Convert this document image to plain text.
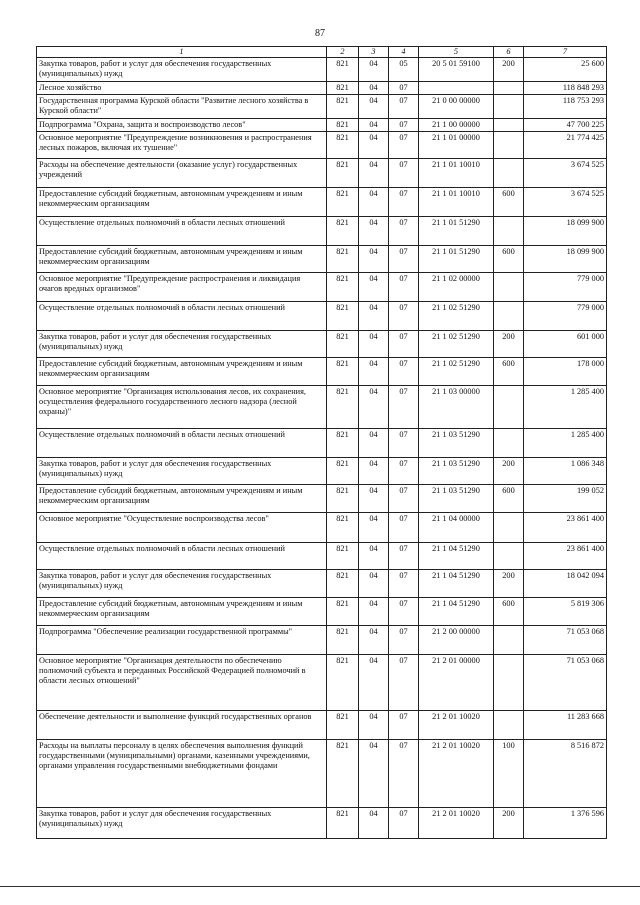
87
1	2	3	4	5	6	7
Закупка товаров, работ и услуг для обеспечения государственных (муниципальных) нужд	821	04	05	20 5 01 59100	200	25 600
Лесное хозяйство	821	04	07			118 848 293
Государственная программа Курской области "Развитие лесного хозяйства в Курской области"	821	04	07	21 0 00 00000		118 753 293
Подпрограмма "Охрана, защита и воспроизводство лесов"	821	04	07	21 1 00 00000		47 700 225
Основное мероприятие "Предупреждение возникновения и распространения лесных пожаров, включая их тушение"	821	04	07	21 1 01 00000		21 774 425
Расходы на обеспечение деятельности (оказание услуг) государственных учреждений	821	04	07	21 1 01 10010		3 674 525
Предоставление субсидий бюджетным, автономным учреждениям и иным некоммерческим организациям	821	04	07	21 1 01 10010	600	3 674 525
Осуществление отдельных полномочий в области лесных отношений	821	04	07	21 1 01 51290		18 099 900
Предоставление субсидий бюджетным, автономным учреждениям и иным некоммерческим организациям	821	04	07	21 1 01 51290	600	18 099 900
Основное мероприятие "Предупреждение распространения и ликвидация очагов вредных организмов"	821	04	07	21 1 02 00000		779 000
Осуществление отдельных полномочий в области лесных отношений	821	04	07	21 1 02 51290		779 000
Закупка товаров, работ и услуг для обеспечения государственных (муниципальных) нужд	821	04	07	21 1 02 51290	200	601 000
Предоставление субсидий бюджетным, автономным учреждениям и иным некоммерческим организациям	821	04	07	21 1 02 51290	600	178 000
Основное мероприятие "Организация использования лесов, их сохранения, осуществления федерального государственного лесного надзора (лесной охраны)"	821	04	07	21 1 03 00000		1 285 400
Осуществление отдельных полномочий в области лесных отношений	821	04	07	21 1 03 51290		1 285 400
Закупка товаров, работ и услуг для обеспечения государственных (муниципальных) нужд	821	04	07	21 1 03 51290	200	1 086 348
Предоставление субсидий бюджетным, автономным учреждениям и иным некоммерческим организациям	821	04	07	21 1 03 51290	600	199 052
Основное мероприятие "Осуществление воспроизводства лесов"	821	04	07	21 1 04 00000		23 861 400
Осуществление отдельных полномочий в области лесных отношений	821	04	07	21 1 04 51290		23 861 400
Закупка товаров, работ и услуг для обеспечения государственных (муниципальных) нужд	821	04	07	21 1 04 51290	200	18 042 094
Предоставление субсидий бюджетным, автономным учреждениям и иным некоммерческим организациям	821	04	07	21 1 04 51290	600	5 819 306
Подпрограмма "Обеспечение реализации государственной программы"	821	04	07	21 2 00 00000		71 053 068
Основное мероприятие "Организация деятельности по обеспечению полномочий субъекта и переданных Российской Федерацией полномочий в области лесных отношений"	821	04	07	21 2 01 00000		71 053 068
Обеспечение деятельности и выполнение функций государственных органов	821	04	07	21 2 01 10020		11 283 668
Расходы на выплаты персоналу в целях обеспечения выполнения функций государственными (муниципальными) органами, казенными учреждениями, органами управления государственными внебюджетными фондами	821	04	07	21 2 01 10020	100	8 516 872
Закупка товаров, работ и услуг для обеспечения государственных (муниципальных) нужд	821	04	07	21 2 01 10020	200	1 376 596
